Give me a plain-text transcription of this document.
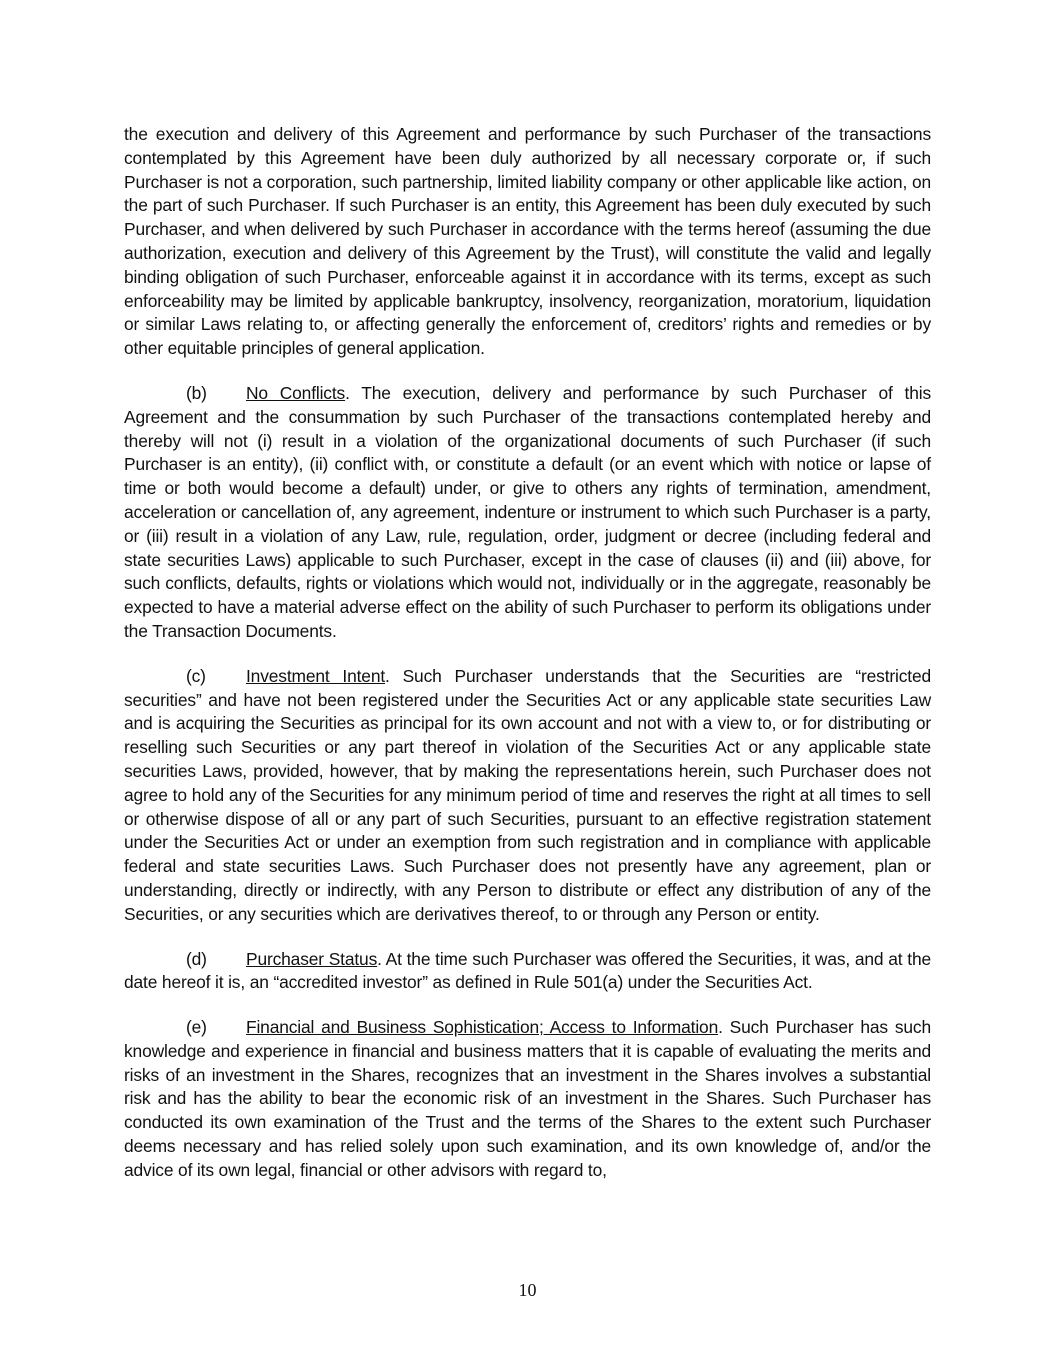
the execution and delivery of this Agreement and performance by such Purchaser of the transactions contemplated by this Agreement have been duly authorized by all necessary corporate or, if such Purchaser is not a corporation, such partnership, limited liability company or other applicable like action, on the part of such Purchaser. If such Purchaser is an entity, this Agreement has been duly executed by such Purchaser, and when delivered by such Purchaser in accordance with the terms hereof (assuming the due authorization, execution and delivery of this Agreement by the Trust), will constitute the valid and legally binding obligation of such Purchaser, enforceable against it in accordance with its terms, except as such enforceability may be limited by applicable bankruptcy, insolvency, reorganization, moratorium, liquidation or similar Laws relating to, or affecting generally the enforcement of, creditors’ rights and remedies or by other equitable principles of general application.

(b) No Conflicts. The execution, delivery and performance by such Purchaser of this Agreement and the consummation by such Purchaser of the transactions contemplated hereby and thereby will not (i) result in a violation of the organizational documents of such Purchaser (if such Purchaser is an entity), (ii) conflict with, or constitute a default (or an event which with notice or lapse of time or both would become a default) under, or give to others any rights of termination, amendment, acceleration or cancellation of, any agreement, indenture or instrument to which such Purchaser is a party, or (iii) result in a violation of any Law, rule, regulation, order, judgment or decree (including federal and state securities Laws) applicable to such Purchaser, except in the case of clauses (ii) and (iii) above, for such conflicts, defaults, rights or violations which would not, individually or in the aggregate, reasonably be expected to have a material adverse effect on the ability of such Purchaser to perform its obligations under the Transaction Documents.

(c) Investment Intent. Such Purchaser understands that the Securities are “restricted securities” and have not been registered under the Securities Act or any applicable state securities Law and is acquiring the Securities as principal for its own account and not with a view to, or for distributing or reselling such Securities or any part thereof in violation of the Securities Act or any applicable state securities Laws, provided, however, that by making the representations herein, such Purchaser does not agree to hold any of the Securities for any minimum period of time and reserves the right at all times to sell or otherwise dispose of all or any part of such Securities, pursuant to an effective registration statement under the Securities Act or under an exemption from such registration and in compliance with applicable federal and state securities Laws. Such Purchaser does not presently have any agreement, plan or understanding, directly or indirectly, with any Person to distribute or effect any distribution of any of the Securities, or any securities which are derivatives thereof, to or through any Person or entity.

(d) Purchaser Status. At the time such Purchaser was offered the Securities, it was, and at the date hereof it is, an “accredited investor” as defined in Rule 501(a) under the Securities Act.

(e) Financial and Business Sophistication; Access to Information. Such Purchaser has such knowledge and experience in financial and business matters that it is capable of evaluating the merits and risks of an investment in the Shares, recognizes that an investment in the Shares involves a substantial risk and has the ability to bear the economic risk of an investment in the Shares. Such Purchaser has conducted its own examination of the Trust and the terms of the Shares to the extent such Purchaser deems necessary and has relied solely upon such examination, and its own knowledge of, and/or the advice of its own legal, financial or other advisors with regard to,

10
